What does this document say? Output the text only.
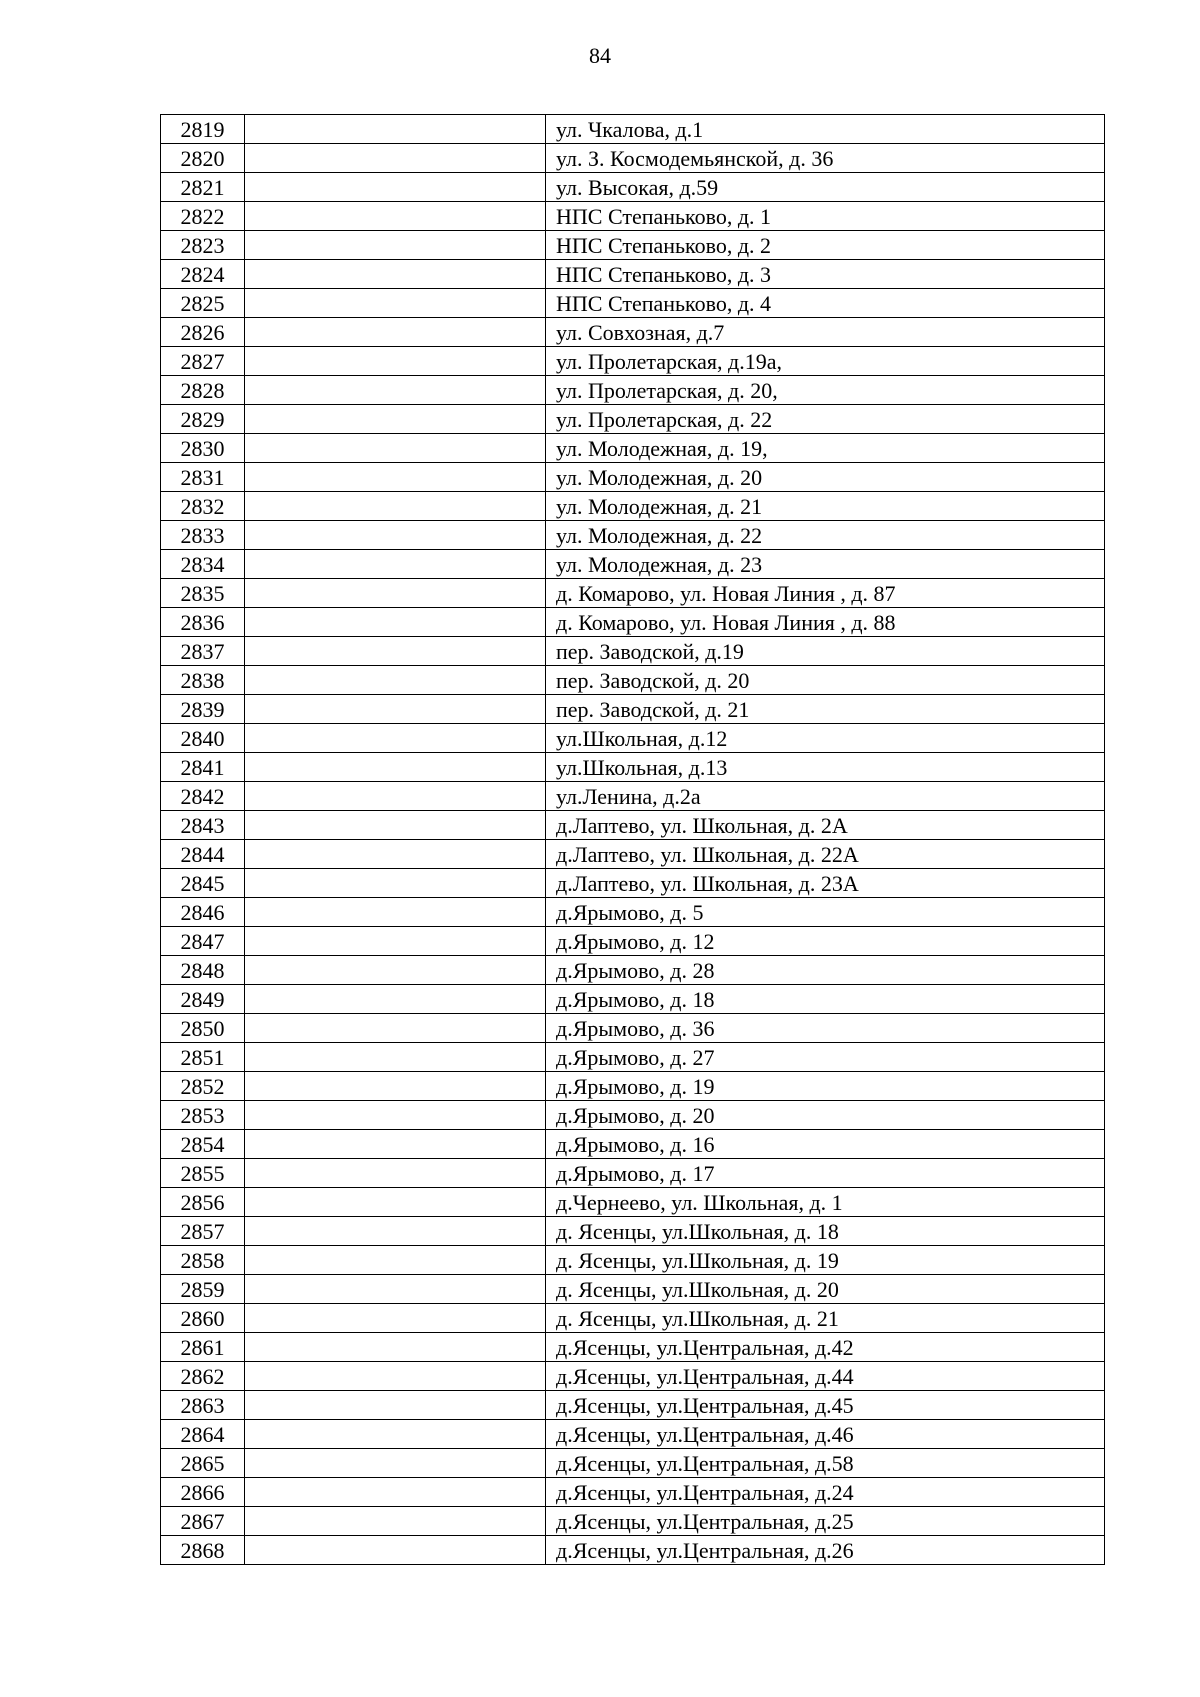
84
2819		ул. Чкалова, д.1
2820		ул. З. Космодемьянской, д. 36
2821		ул. Высокая, д.59
2822		НПС Степаньково, д. 1
2823		НПС Степаньково, д. 2
2824		НПС Степаньково, д. 3
2825		НПС Степаньково, д. 4
2826		ул. Совхозная, д.7
2827		ул. Пролетарская, д.19а,
2828		ул. Пролетарская, д. 20,
2829		ул. Пролетарская, д. 22
2830		ул. Молодежная, д. 19,
2831		ул. Молодежная, д. 20
2832		ул. Молодежная, д. 21
2833		ул. Молодежная, д. 22
2834		ул. Молодежная, д. 23
2835		д. Комарово, ул. Новая Линия , д. 87
2836		д. Комарово, ул. Новая Линия , д. 88
2837		пер. Заводской, д.19
2838		пер. Заводской, д. 20
2839		пер. Заводской, д. 21
2840		ул.Школьная, д.12
2841		ул.Школьная, д.13
2842		ул.Ленина, д.2а
2843		д.Лаптево, ул. Школьная, д. 2А
2844		д.Лаптево, ул. Школьная, д. 22А
2845		д.Лаптево, ул. Школьная, д. 23А
2846		д.Ярымово, д. 5
2847		д.Ярымово, д. 12
2848		д.Ярымово, д. 28
2849		д.Ярымово, д. 18
2850		д.Ярымово, д. 36
2851		д.Ярымово, д. 27
2852		д.Ярымово, д. 19
2853		д.Ярымово, д. 20
2854		д.Ярымово, д. 16
2855		д.Ярымово, д. 17
2856		д.Чернеево, ул. Школьная, д. 1
2857		д. Ясенцы, ул.Школьная, д. 18
2858		д. Ясенцы, ул.Школьная, д. 19
2859		д. Ясенцы, ул.Школьная, д. 20
2860		д. Ясенцы, ул.Школьная, д. 21
2861		д.Ясенцы, ул.Центральная, д.42
2862		д.Ясенцы, ул.Центральная, д.44
2863		д.Ясенцы, ул.Центральная, д.45
2864		д.Ясенцы, ул.Центральная, д.46
2865		д.Ясенцы, ул.Центральная, д.58
2866		д.Ясенцы, ул.Центральная, д.24
2867		д.Ясенцы, ул.Центральная, д.25
2868		д.Ясенцы, ул.Центральная, д.26
